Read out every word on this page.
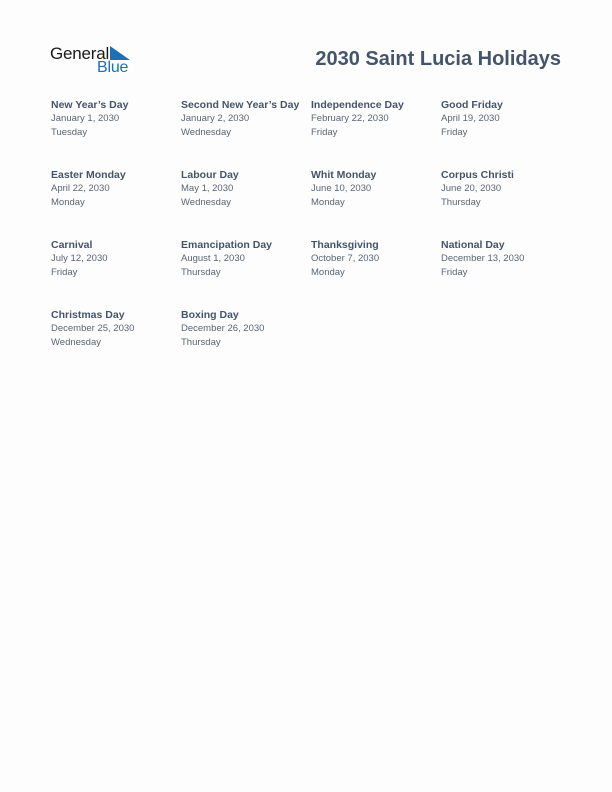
General
Blue	2030 Saint Lucia Holidays
New Year’s Day
January 1, 2030
Tuesday
Second New Year’s Day
January 2, 2030
Wednesday
Independence Day
February 22, 2030
Friday
Good Friday
April 19, 2030
Friday
Easter Monday
April 22, 2030
Monday
Labour Day
May 1, 2030
Wednesday
Whit Monday
June 10, 2030
Monday
Corpus Christi
June 20, 2030
Thursday
Carnival
July 12, 2030
Friday
Emancipation Day
August 1, 2030
Thursday
Thanksgiving
October 7, 2030
Monday
National Day
December 13, 2030
Friday
Christmas Day
December 25, 2030
Wednesday
Boxing Day
December 26, 2030
Thursday
